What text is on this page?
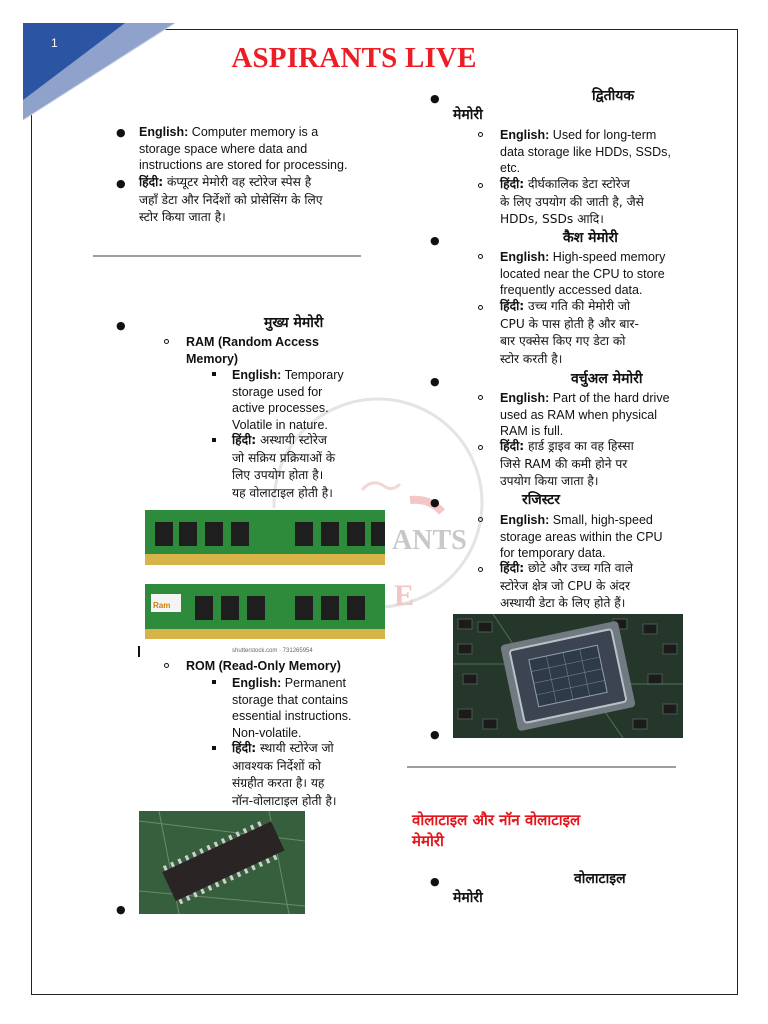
1	ASPIRANTS LIVE
ANTS
E
● English: Computer memory is a
storage space where data and
instructions are stored for processing.
● हिंदी: कंप्यूटर मेमोरी वह स्टोरेज स्पेस है
जहाँ डेटा और निर्देशों को प्रोसेसिंग के लिए
स्टोर किया जाता है।
●	मुख्य मेमोरी
RAM (Random Access
Memory)
English: Temporary
storage used for
active processes.
Volatile in nature.
हिंदी: अस्थायी स्टोरेज
जो सक्रिय प्रक्रियाओं के
लिए उपयोग होता है।
यह वोलाटाइल होती है।
Ram
shutterstock.com · 731265954
ROM (Read-Only Memory)
English: Permanent
storage that contains
essential instructions.
Non-volatile.
हिंदी: स्थायी स्टोरेज जो
आवश्यक निर्देशों को
संग्रहीत करता है। यह
नॉन-वोलाटाइल होती है।
●
●	द्वितीयक
मेमोरी
English: Used for long-term
data storage like HDDs, SSDs,
etc.
हिंदी: दीर्घकालिक डेटा स्टोरेज
के लिए उपयोग की जाती है, जैसे
HDDs, SSDs आदि।
●	कैश मेमोरी
English: High-speed memory
located near the CPU to store
frequently accessed data.
हिंदी: उच्च गति की मेमोरी जो
CPU के पास होती है और बार-
बार एक्सेस किए गए डेटा को
स्टोर करती है।
●	वर्चुअल मेमोरी
English: Part of the hard drive
used as RAM when physical
RAM is full.
हिंदी: हार्ड ड्राइव का वह हिस्सा
जिसे RAM की कमी होने पर
उपयोग किया जाता है।
●	रजिस्टर
English: Small, high-speed
storage areas within the CPU
for temporary data.
हिंदी: छोटे और उच्च गति वाले
स्टोरेज क्षेत्र जो CPU के अंदर
अस्थायी डेटा के लिए होते हैं।
●
वोलाटाइल और नॉन वोलाटाइल
मेमोरी
●	वोलाटाइल
मेमोरी
